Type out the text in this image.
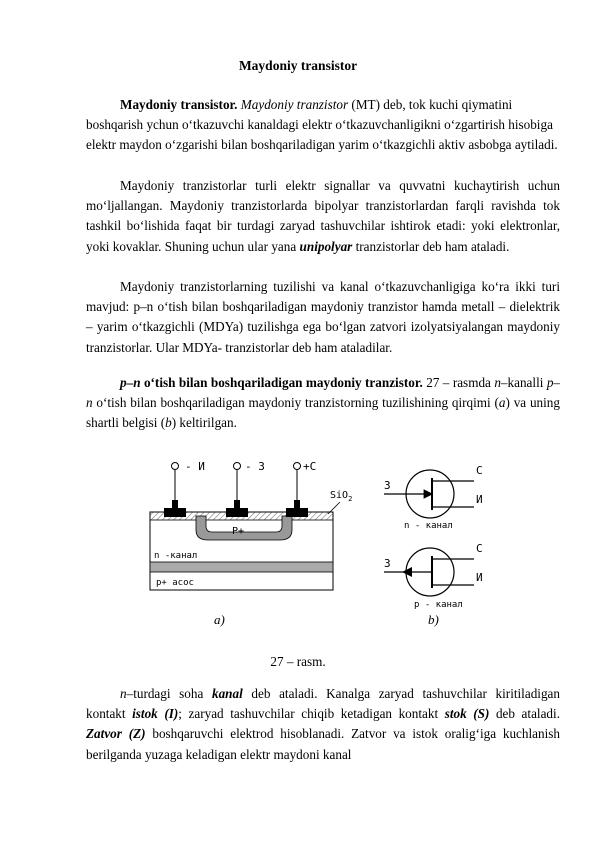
Maydoniy transistor

Maydoniy transistor. Maydoniy tranzistor (MT) deb, tok kuchi qiymatini boshqarish ychun o‘tkazuvchi kanaldagi elektr o‘tkazuvchanligikni o‘zgartirish hisobiga elektr maydon o‘zgarishi bilan boshqariladigan yarim o‘tkazgichli aktiv asbobga aytiladi.

Maydoniy tranzistorlar turli elektr signallar va quvvatni kuchaytirish uchun mo‘ljallangan. Maydoniy tranzistorlarda bipolyar tranzistorlardan farqli ravishda tok tashkil bo‘lishida faqat bir turdagi zaryad tashuvchilar ishtirok etadi: yoki elektronlar, yoki kovaklar. Shuning uchun ular yana unipolyar tranzistorlar deb ham ataladi.

Maydoniy tranzistorlarning tuzilishi va kanal o‘tkazuvchanligiga ko‘ra ikki turi mavjud: p–n o‘tish bilan boshqariladigan maydoniy tranzistor hamda metall – dielektrik – yarim o‘tkazgichli (MDYa) tuzilishga ega bo‘lgan zatvori izolyatsiyalangan maydoniy tranzistorlar. Ular MDYa- tranzistorlar deb ham ataladilar.

p–n o‘tish bilan boshqariladigan maydoniy tranzistor. 27 – rasmda n–kanalli p–n o‘tish bilan boshqariladigan maydoniy tranzistorning tuzilishining qirqimi (a) va uning shartli belgisi (b) keltirilgan.

- И	- З	+С
SiO$_2$
P+
n -канал
p+ асос
С
З
И
n - канал
С
З
И
p - канал
a)	b)
27 – rasm.

n–turdagi soha kanal deb ataladi. Kanalga zaryad tashuvchilar kiritiladigan kontakt istok (I); zaryad tashuvchilar chiqib ketadigan kontakt stok (S) deb ataladi. Zatvor (Z) boshqaruvchi elektrod hisoblanadi. Zatvor va istok oralig‘iga kuchlanish berilganda yuzaga keladigan elektr maydoni kanal
